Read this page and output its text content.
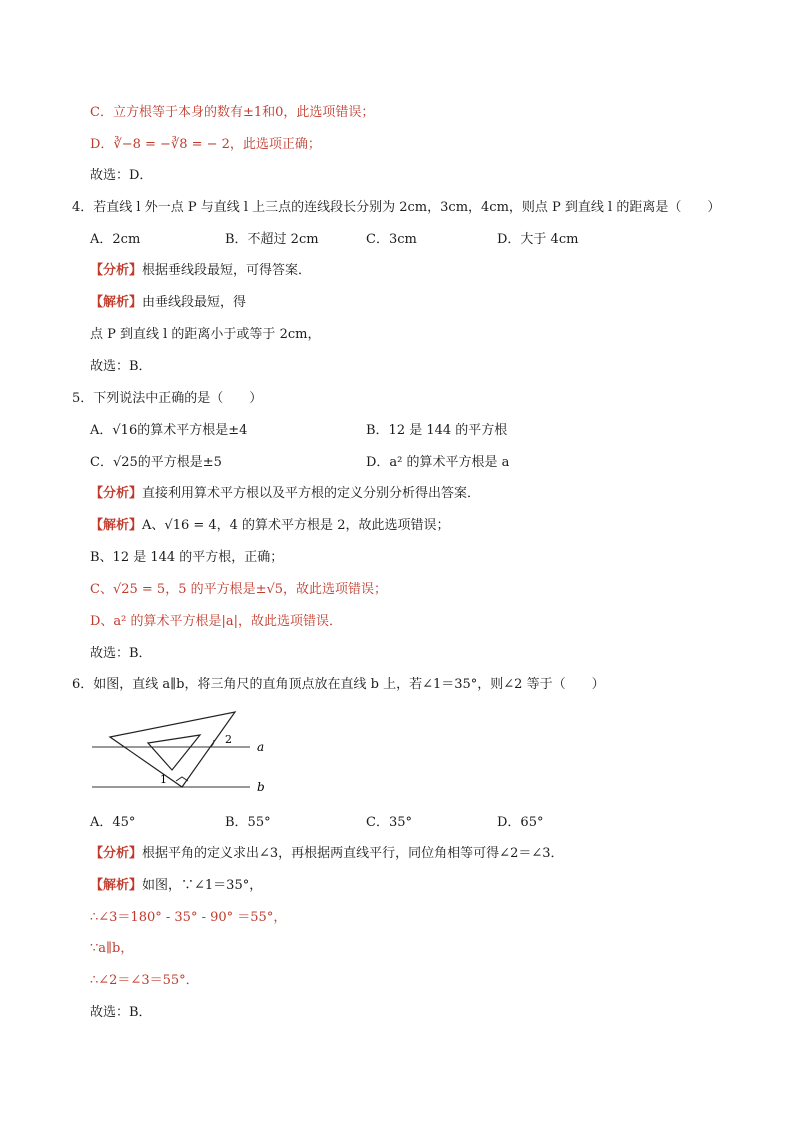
C．立方根等于本身的数有±1和0，此选项错误；
D．∛−8 = −∛8 = − 2，此选项正确；
故选：D．
4．若直线 l 外一点 P 与直线 l 上三点的连线段长分别为 2cm，3cm，4cm，则点 P 到直线 l 的距离是（　　）
A．2cm	B．不超过 2cm	C．3cm	D．大于 4cm
【分析】根据垂线段最短，可得答案．
【解析】由垂线段最短，得
点 P 到直线 l 的距离小于或等于 2cm，
故选：B．
5．下列说法中正确的是（　　）
A．√16的算术平方根是±4	B．12 是 144 的平方根
C．√25的平方根是±5	D．a² 的算术平方根是 a
【分析】直接利用算术平方根以及平方根的定义分别分析得出答案．
【解析】A、√16 = 4，4 的算术平方根是 2，故此选项错误；
B、12 是 144 的平方根，正确；
C、√25 = 5，5 的平方根是±√5，故此选项错误；
D、a² 的算术平方根是|a|，故此选项错误．
故选：B．
6．如图，直线 a∥b，将三角尺的直角顶点放在直线 b 上，若∠1＝35°，则∠2 等于（　　）
a
b
1
2
A．45°	B．55°	C．35°	D．65°
【分析】根据平角的定义求出∠3，再根据两直线平行，同位角相等可得∠2＝∠3．
【解析】如图，∵∠1＝35°，
∴∠3＝180° - 35° - 90° ＝55°，
∵a∥b，
∴∠2＝∠3＝55°．
故选：B．
